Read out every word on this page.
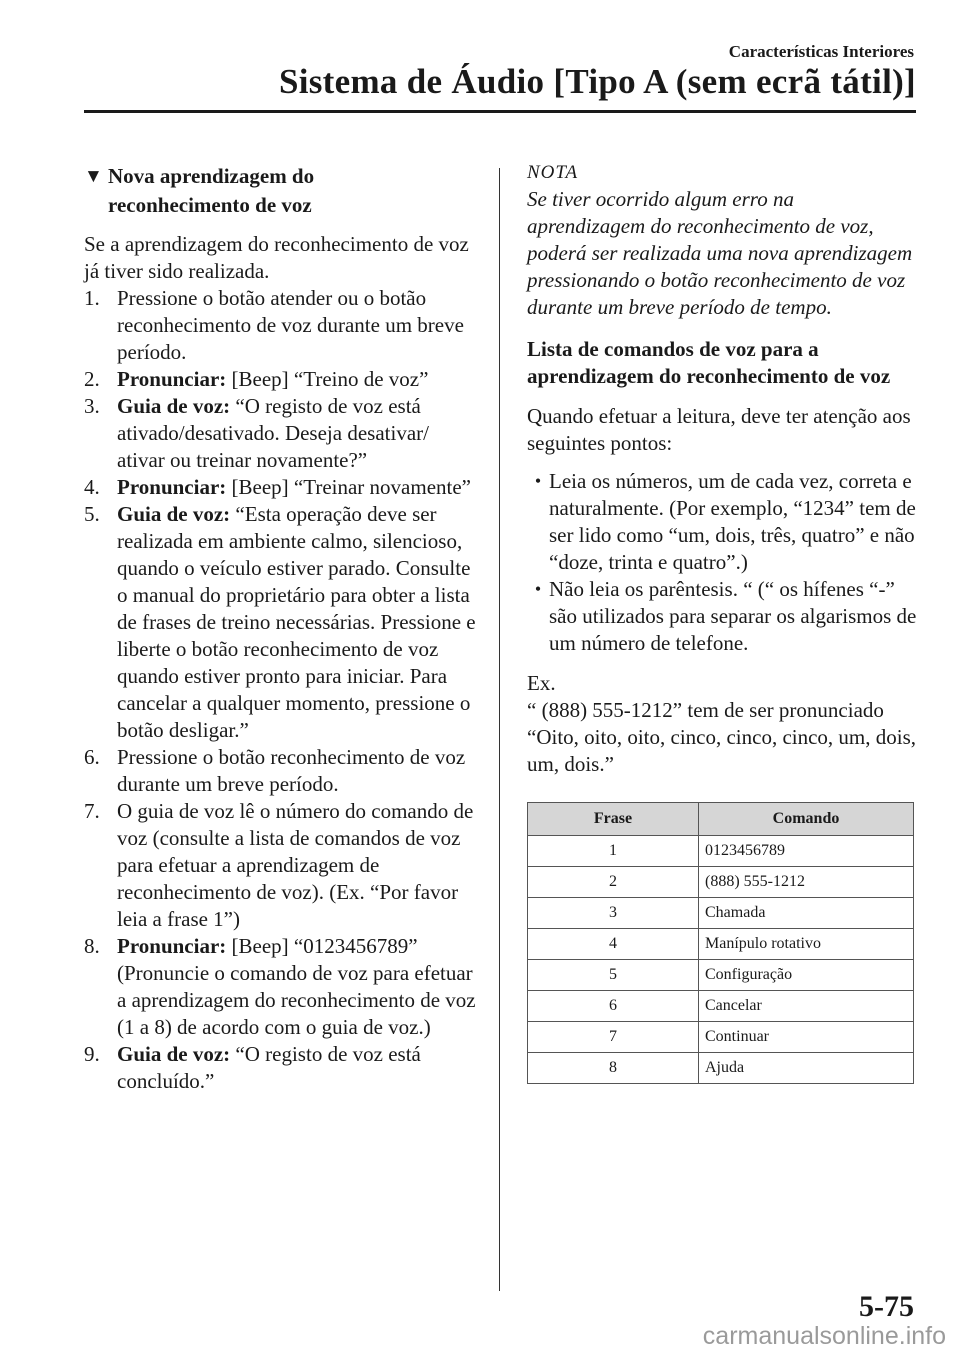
Características Interiores
Sistema de Áudio [Tipo A (sem ecrã tátil)]
▼ Nova aprendizagem do
reconhecimento de voz

Se a aprendizagem do reconhecimento de voz já tiver sido realizada.

1. Pressione o botão atender ou o botão reconhecimento de voz durante um breve período.
2. Pronunciar: [Beep] “Treino de voz”
3. Guia de voz: “O registo de voz está ativado/desativado. Deseja desativar/ ativar ou treinar novamente?”
4. Pronunciar: [Beep] “Treinar novamente”
5. Guia de voz: “Esta operação deve ser realizada em ambiente calmo, silencioso, quando o veículo estiver parado. Consulte o manual do proprietário para obter a lista de frases de treino necessárias. Pressione e liberte o botão reconhecimento de voz quando estiver pronto para iniciar. Para cancelar a qualquer momento, pressione o botão desligar.”
6. Pressione o botão reconhecimento de voz durante um breve período.
7. O guia de voz lê o número do comando de voz (consulte a lista de comandos de voz para efetuar a aprendizagem de reconhecimento de voz). (Ex. “Por favor leia a frase 1”)
8. Pronunciar: [Beep] “0123456789” (Pronuncie o comando de voz para efetuar a aprendizagem do reconhecimento de voz (1 a 8) de acordo com o guia de voz.)
9. Guia de voz: “O registo de voz está concluído.”
NOTA

Se tiver ocorrido algum erro na aprendizagem do reconhecimento de voz, poderá ser realizada uma nova aprendizagem pressionando o botão reconhecimento de voz durante um breve período de tempo.

Lista de comandos de voz para a aprendizagem do reconhecimento de voz

Quando efetuar a leitura, deve ter atenção aos seguintes pontos:

• Leia os números, um de cada vez, correta e naturalmente. (Por exemplo, “1234” tem de ser lido como “um, dois, três, quatro” e não “doze, trinta e quatro”.)
• Não leia os parêntesis. “ (“ os hífenes “-” são utilizados para separar os algarismos de um número de telefone.

Ex.

“ (888) 555-1212” tem de ser pronunciado “Oito, oito, oito, cinco, cinco, cinco, um, dois, um, dois.”

Frase	Comando
1	0123456789
2	(888) 555-1212
3	Chamada
4	Manípulo rotativo
5	Configuração
6	Cancelar
7	Continuar
8	Ajuda
5-75
carmanualsonline.info
